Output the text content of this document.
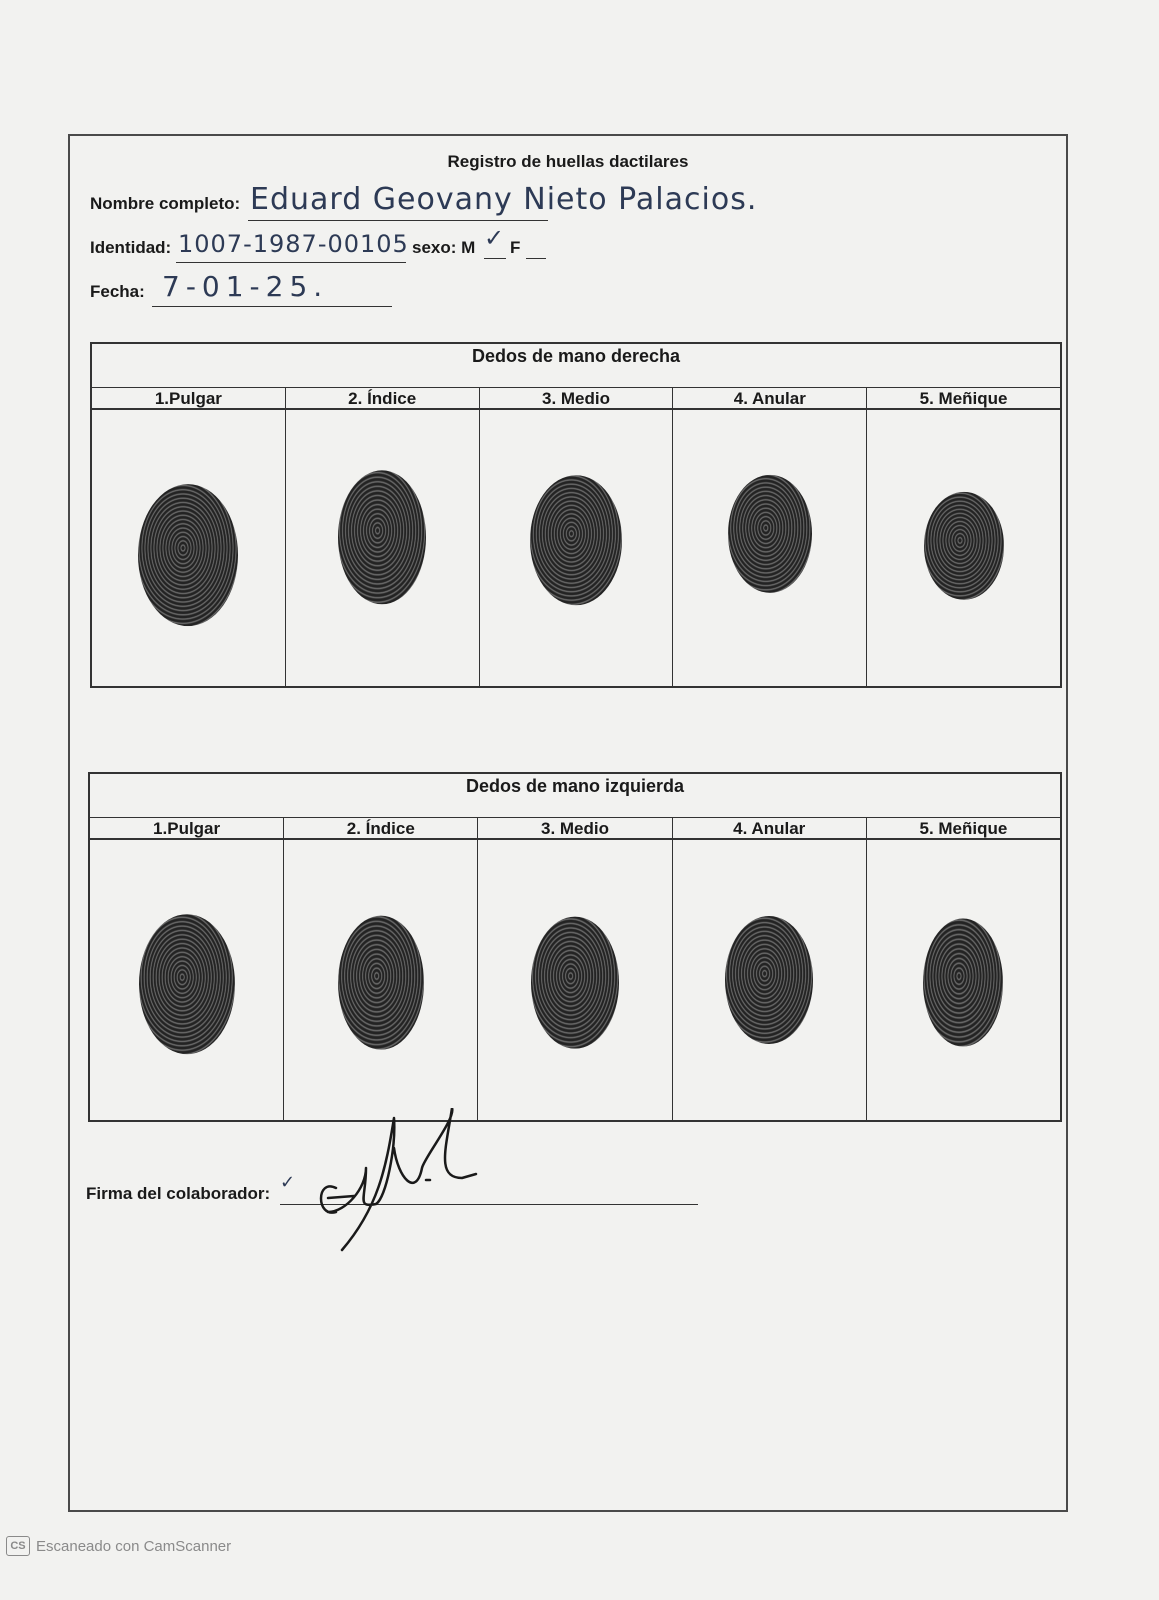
Registro de huellas dactilares
Nombre completo: Eduard Geovany Nieto Palacios.
Identidad: 1007-1987-00105 sexo: M ✓ F
Fecha: 7-01-25.
Dedos de mano derecha
1.Pulgar	2. Índice	3. Medio	4. Anular	5. Meñique
Dedos de mano izquierda
1.Pulgar	2. Índice	3. Medio	4. Anular	5. Meñique
Firma del colaborador:
✓
CS Escaneado con CamScanner
